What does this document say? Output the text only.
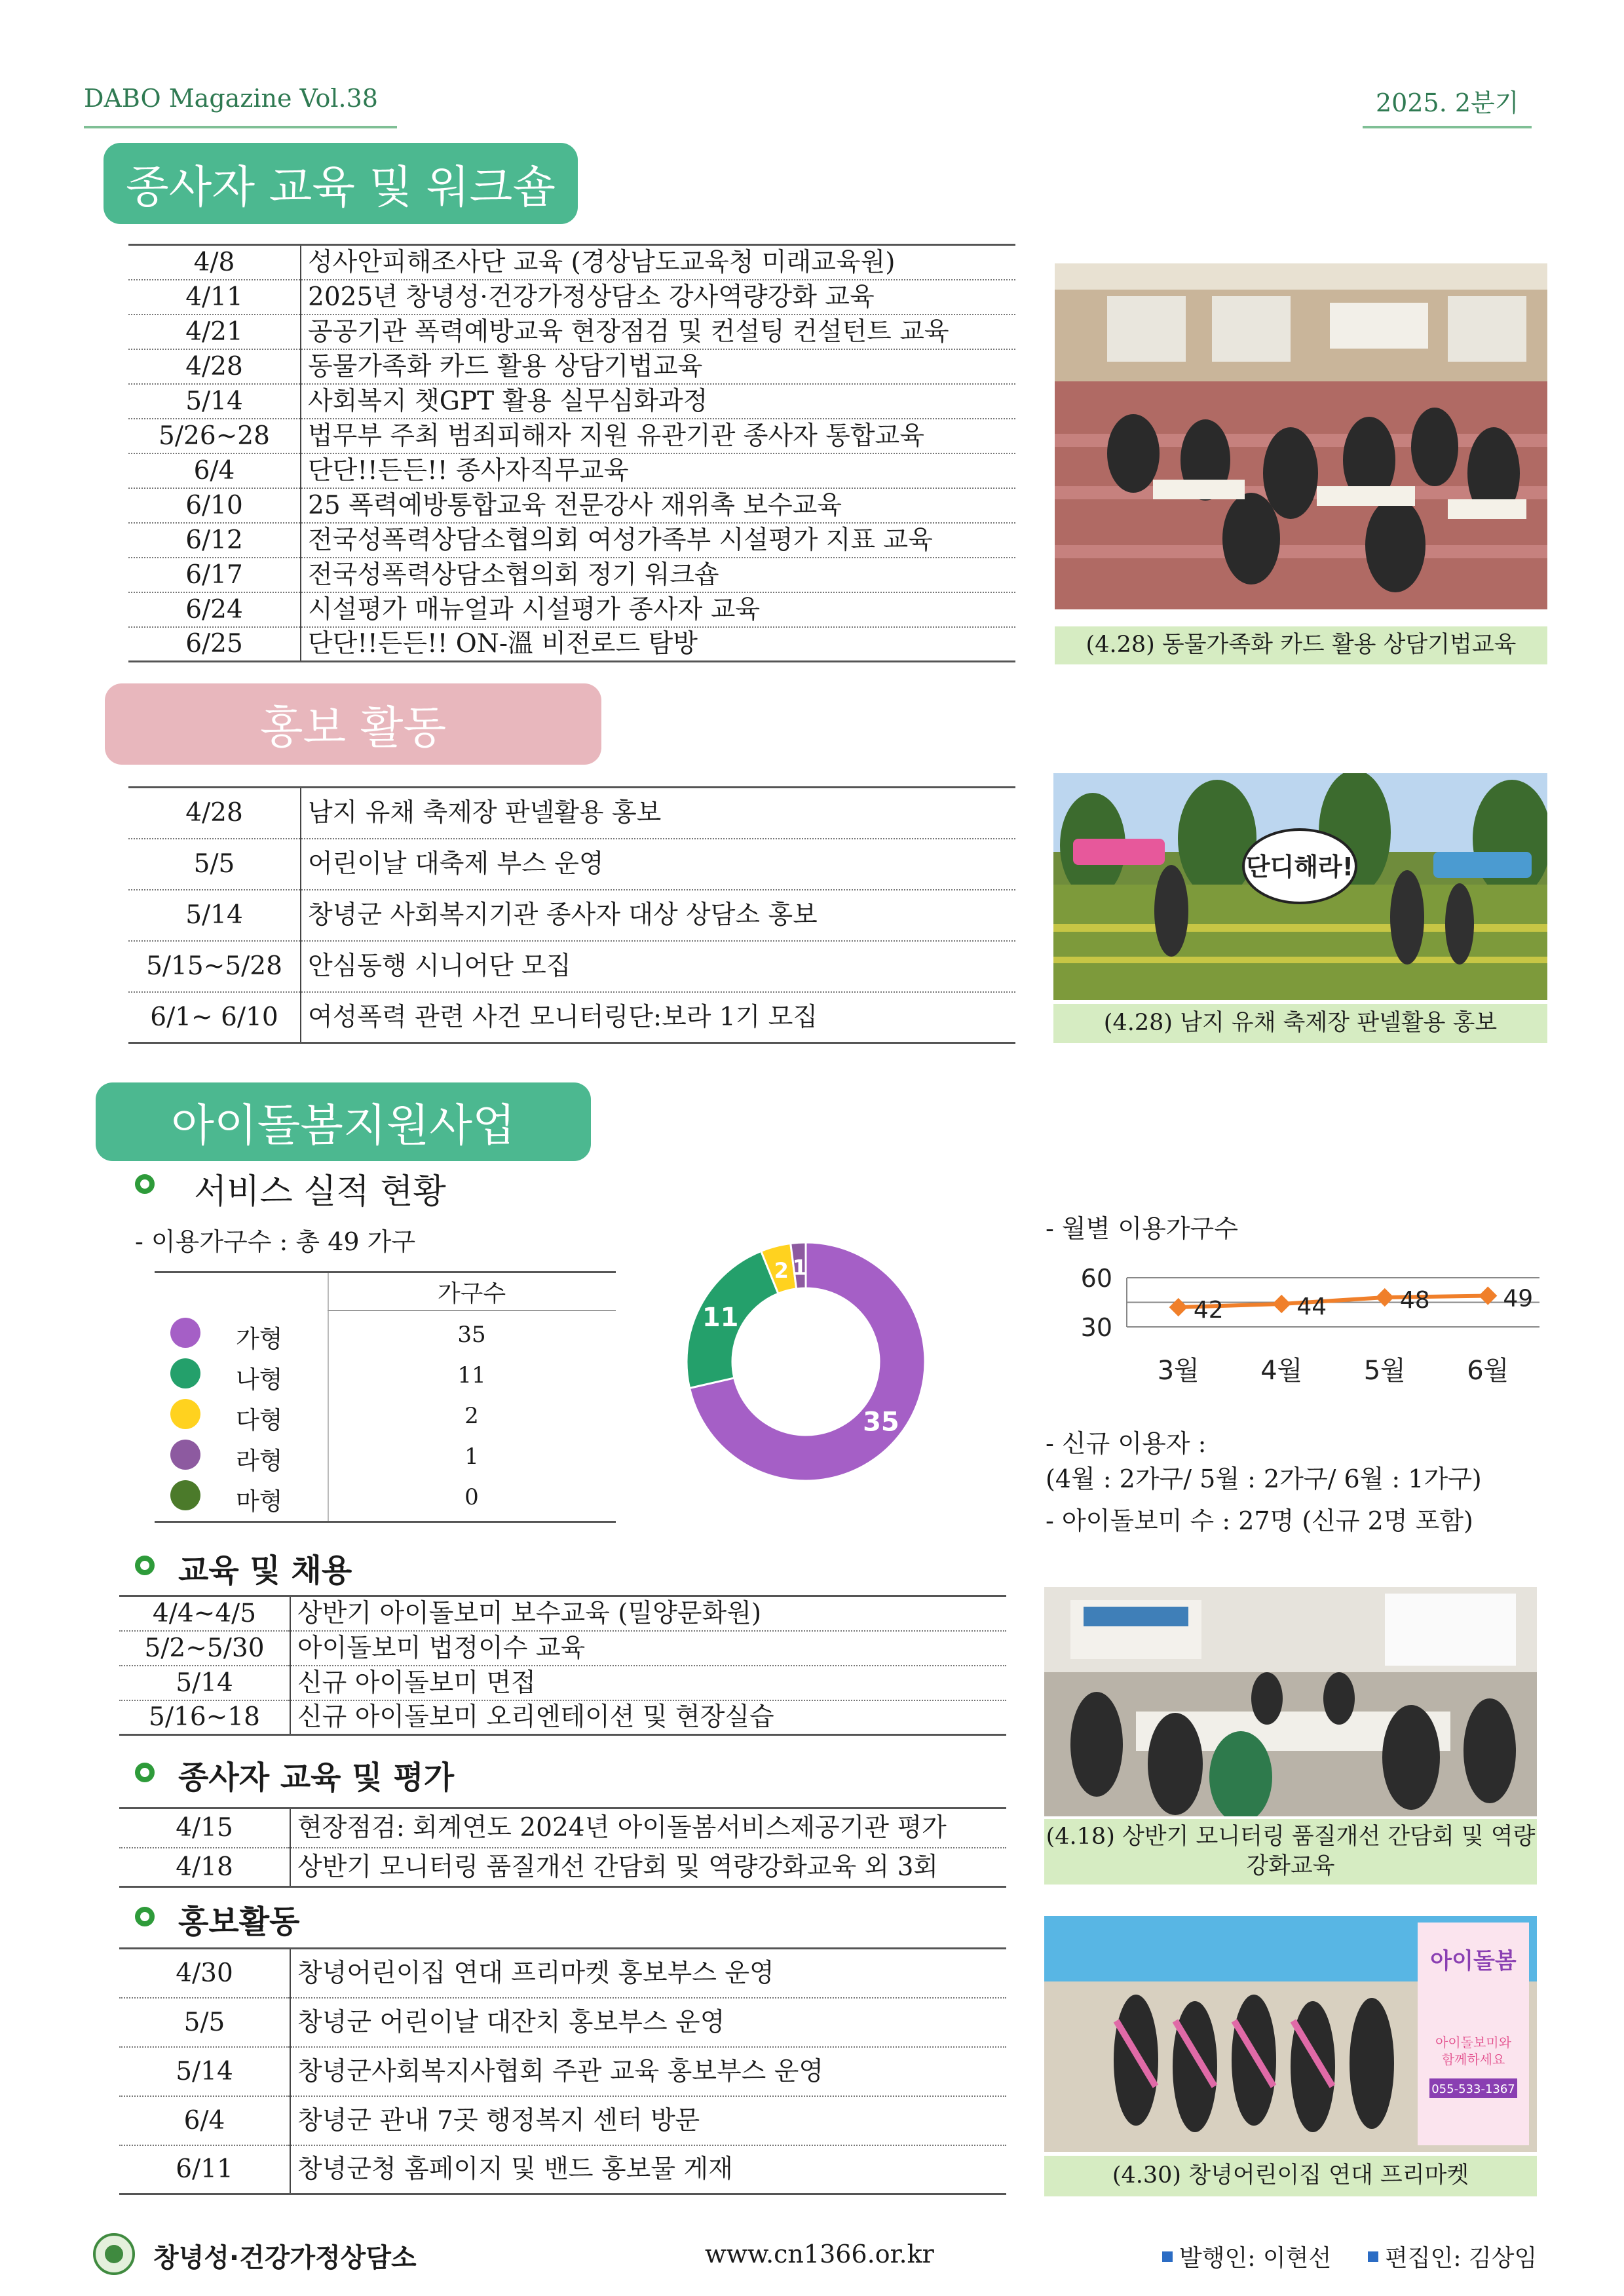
DABO Magazine Vol.38	2025. 2분기
종사자 교육 및 워크숍
4/8	성사안피해조사단 교육 (경상남도교육청 미래교육원)
4/11	2025년 창녕성·건강가정상담소 강사역량강화 교육
4/21	공공기관 폭력예방교육 현장점검 및 컨설팅 컨설턴트 교육
4/28	동물가족화 카드 활용 상담기법교육
5/14	사회복지 챗GPT 활용 실무심화과정
5/26~28	법무부 주최 범죄피해자 지원 유관기관 종사자 통합교육
6/4	단단!!든든!! 종사자직무교육
6/10	25 폭력예방통합교육 전문강사 재위촉 보수교육
6/12	전국성폭력상담소협의회 여성가족부 시설평가 지표 교육
6/17	전국성폭력상담소협의회 정기 워크숍
6/24	시설평가 매뉴얼과 시설평가 종사자 교육
6/25	단단!!든든!! ON-溫 비전로드 탐방	(4.28) 동물가족화 카드 활용 상담기법교육
홍보 활동
4/28	남지 유채 축제장 판넬활용 홍보
5/5	어린이날 대축제 부스 운영
5/14	창녕군 사회복지기관 종사자 대상 상담소 홍보
5/15~5/28	안심동행 시니어단 모집
6/1~ 6/10	여성폭력 관련 사건 모니터링단:보라 1기 모집
단디해라!
(4.28) 남지 유채 축제장 판넬활용 홍보
아이돌봄지원사업
서비스 실적 현황
- 이용가구수 : 총 49 가구
가구수
가형	35
나형	11
다형	2
라형	1
마형	0
35
11
2 1
- 월별 이용가구수
30
60
42
3월
44
4월
48
5월
49
6월
- 신규 이용자 :
(4월 : 2가구/ 5월 : 2가구/ 6월 : 1가구)
- 아이돌보미 수 : 27명 (신규 2명 포함)
교육 및 채용
4/4~4/5	상반기 아이돌보미 보수교육 (밀양문화원)
5/2~5/30	아이돌보미 법정이수 교육
5/14	신규 아이돌보미 면접
5/16~18	신규 아이돌보미 오리엔테이션 및 현장실습
종사자 교육 및 평가
4/15	현장점검: 회계연도 2024년 아이돌봄서비스제공기관 평가
4/18	상반기 모니터링 품질개선 간담회 및 역량강화교육 외 3회
홍보활동
4/30	창녕어린이집 연대 프리마켓 홍보부스 운영
5/5	창녕군 어린이날 대잔치 홍보부스 운영
5/14	창녕군사회복지사협회 주관 교육 홍보부스 운영
6/4	창녕군 관내 7곳 행정복지 센터 방문
6/11	창녕군청 홈페이지 및 밴드 홍보물 게재
(4.18) 상반기 모니터링 품질개선 간담회 및 역량강화교육
아이돌봄
아이돌보미와
함께하세요
055-533-1367
(4.30) 창녕어린이집 연대 프리마켓
창녕성·건강가정상담소	www.cn1366.or.kr	발행인: 이현선 편집인: 김상임
